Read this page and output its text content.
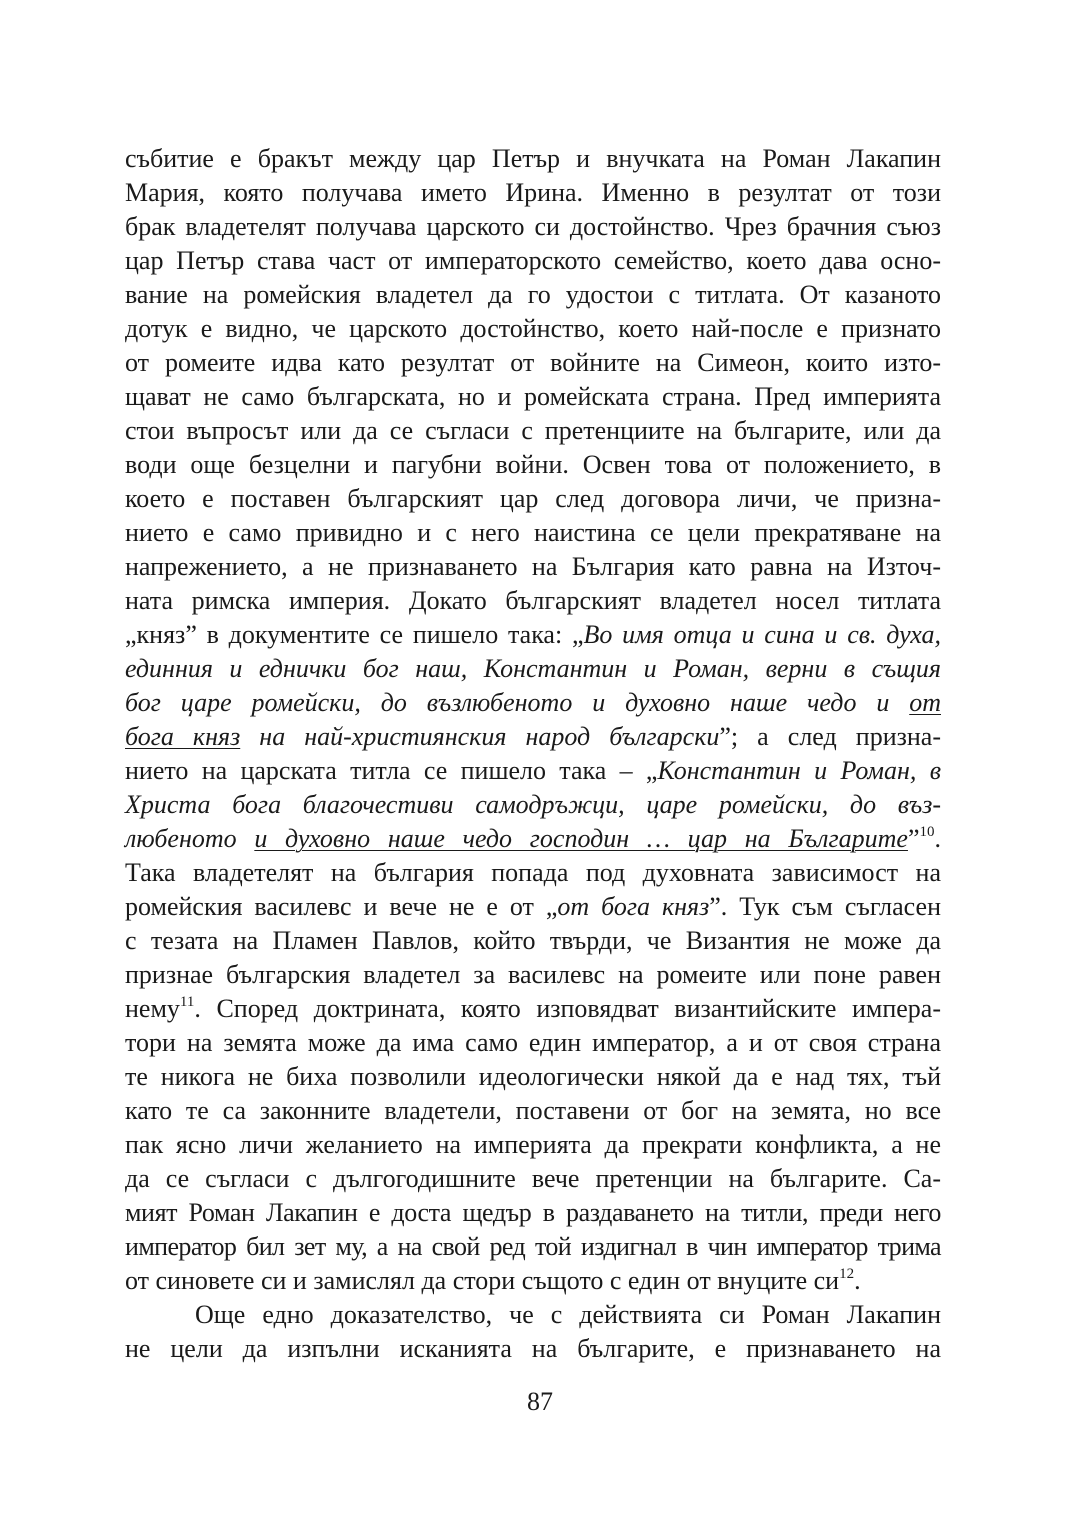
събитие е бракът между цар Петър и внучката на Роман Лакапин
Мария, която получава името Ирина. Именно в резултат от този
брак владетелят получава царското си достойнство. Чрез брачния съюз
цар Петър става част от императорското семейство, което дава осно-
вание на ромейския владетел да го удостои с титлата. От казаното
дотук е видно, че царското достойнство, което най-после е признато
от ромеите идва като резултат от войните на Симеон, които изто-
щават не само българската, но и ромейската страна. Пред империята
стои въпросът или да се съгласи с претенциите на българите, или да
води още безцелни и пагубни войни. Освен това от положението, в
което е поставен българският цар след договора личи, че призна-
нието е само привидно и с него наистина се цели прекратяване на
напрежението, а не признаването на България като равна на Източ-
ната римска империя. Докато българският владетел носел титлата
„княз” в документите се пишело така: „Во имя отца и сина и св. духа,
единния и еднички бог наш, Константин и Роман, верни в същия
бог царе ромейски, до възлюбеното и духовно наше чедо и от
бога княз на най-християнския народ български”; а след призна-
нието на царската титла се пишело така – „Константин и Роман, в
Христа бога благочестиви самодръжци, царе ромейски, до въз-
любеното и духовно наше чедо господин … цар на Българите”$^{10}$.
Така владетелят на българия попада под духовната зависимост на
ромейския василевс и вече не е от „от бога княз”. Тук съм съгласен
с тезата на Пламен Павлов, който твърди, че Византия не може да
признае българския владетел за василевс на ромеите или поне равен
нему$^{11}$. Според доктрината, която изповядват византийските импера-
тори на земята може да има само един император, а и от своя страна
те никога не биха позволили идеологически някой да е над тях, тъй
като те са законните владетели, поставени от бог на земята, но все
пак ясно личи желанието на империята да прекрати конфликта, а не
да се съгласи с дългогодишните вече претенции на българите. Са-
мият Роман Лакапин е доста щедър в раздаването на титли, преди него
император бил зет му, а на свой ред той издигнал в чин император трима
от синовете си и замислял да стори същото с един от внуците $си^{12}$.
Още едно доказателство, че с действията си Роман Лакапин
не цели да изпълни исканията на българите, е признаването на
87
